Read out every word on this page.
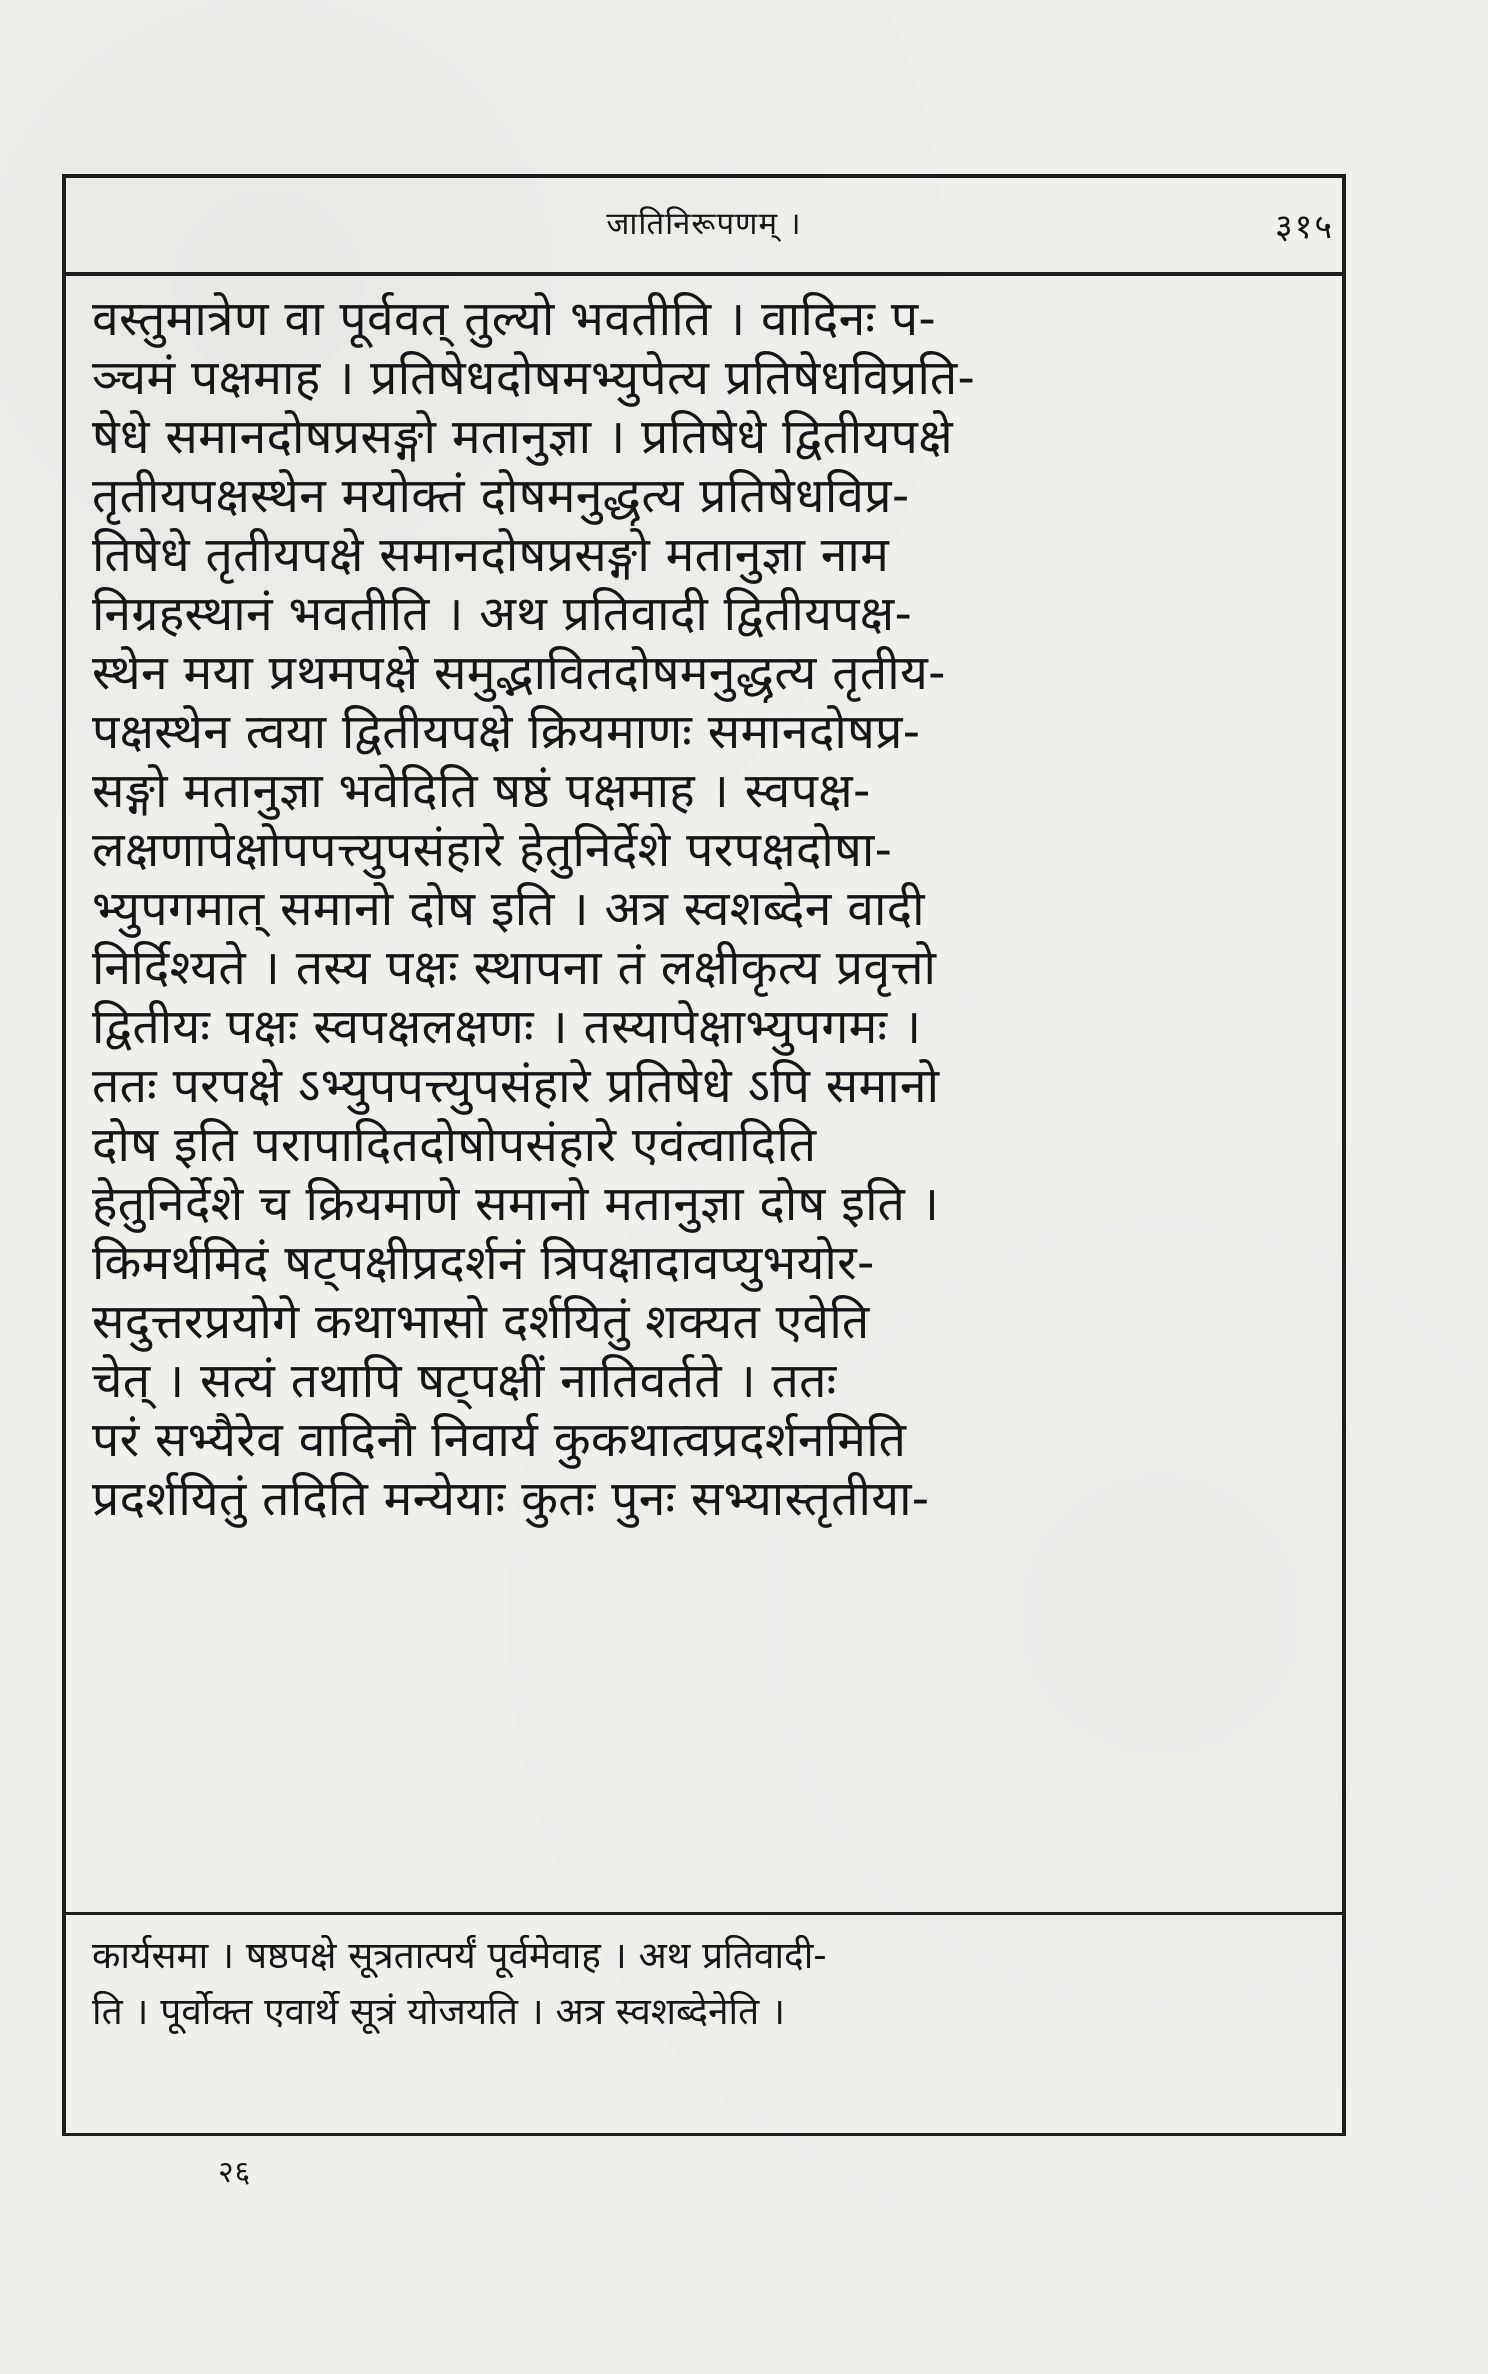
जातिनिरूपणम् ।	३१५
वस्तुमात्रेण वा पूर्ववत् तुल्यो भवतीति । वादिनः प-
ञ्चमं पक्षमाह । प्रतिषेधदोषमभ्युपेत्य प्रतिषेधविप्रति-
षेधे समानदोषप्रसङ्गो मतानुज्ञा । प्रतिषेधे द्वितीयपक्षे
तृतीयपक्षस्थेन मयोक्तं दोषमनुद्धृत्य प्रतिषेधविप्र-
तिषेधे तृतीयपक्षे समानदोषप्रसङ्गो मतानुज्ञा नाम
निग्रहस्थानं भवतीति । अथ प्रतिवादी द्वितीयपक्ष-
स्थेन मया प्रथमपक्षे समुद्भावितदोषमनुद्धृत्य तृतीय-
पक्षस्थेन त्वया द्वितीयपक्षे क्रियमाणः समानदोषप्र-
सङ्गो मतानुज्ञा भवेदिति षष्ठं पक्षमाह । स्वपक्ष-
लक्षणापेक्षोपपत्त्युपसंहारे हेतुनिर्देशे परपक्षदोषा-
भ्युपगमात् समानो दोष इति । अत्र स्वशब्देन वादी
निर्दिश्यते । तस्य पक्षः स्थापना तं लक्षीकृत्य प्रवृत्तो
द्वितीयः पक्षः स्वपक्षलक्षणः । तस्यापेक्षाभ्युपगमः ।
ततः परपक्षे ऽभ्युपपत्त्युपसंहारे प्रतिषेधे ऽपि समानो
दोष इति परापादितदोषोपसंहारे एवंत्वादिति
हेतुनिर्देशे च क्रियमाणे समानो मतानुज्ञा दोष इति ।
किमर्थमिदं षट्पक्षीप्रदर्शनं त्रिपक्षादावप्युभयोर-
सदुत्तरप्रयोगे कथाभासो दर्शयितुं शक्यत एवेति
चेत् । सत्यं तथापि षट्पक्षीं नातिवर्तते । ततः
परं सभ्यैरेव वादिनौ निवार्य कुकथात्वप्रदर्शनमिति
प्रदर्शयितुं तदिति मन्येयाः कुतः पुनः सभ्यास्तृतीया-
कार्यसमा । षष्ठपक्षे सूत्रतात्पर्यं पूर्वमेवाह । अथ प्रतिवादी-
ति । पूर्वोक्त एवार्थे सूत्रं योजयति । अत्र स्वशब्देनेति ।
२६
